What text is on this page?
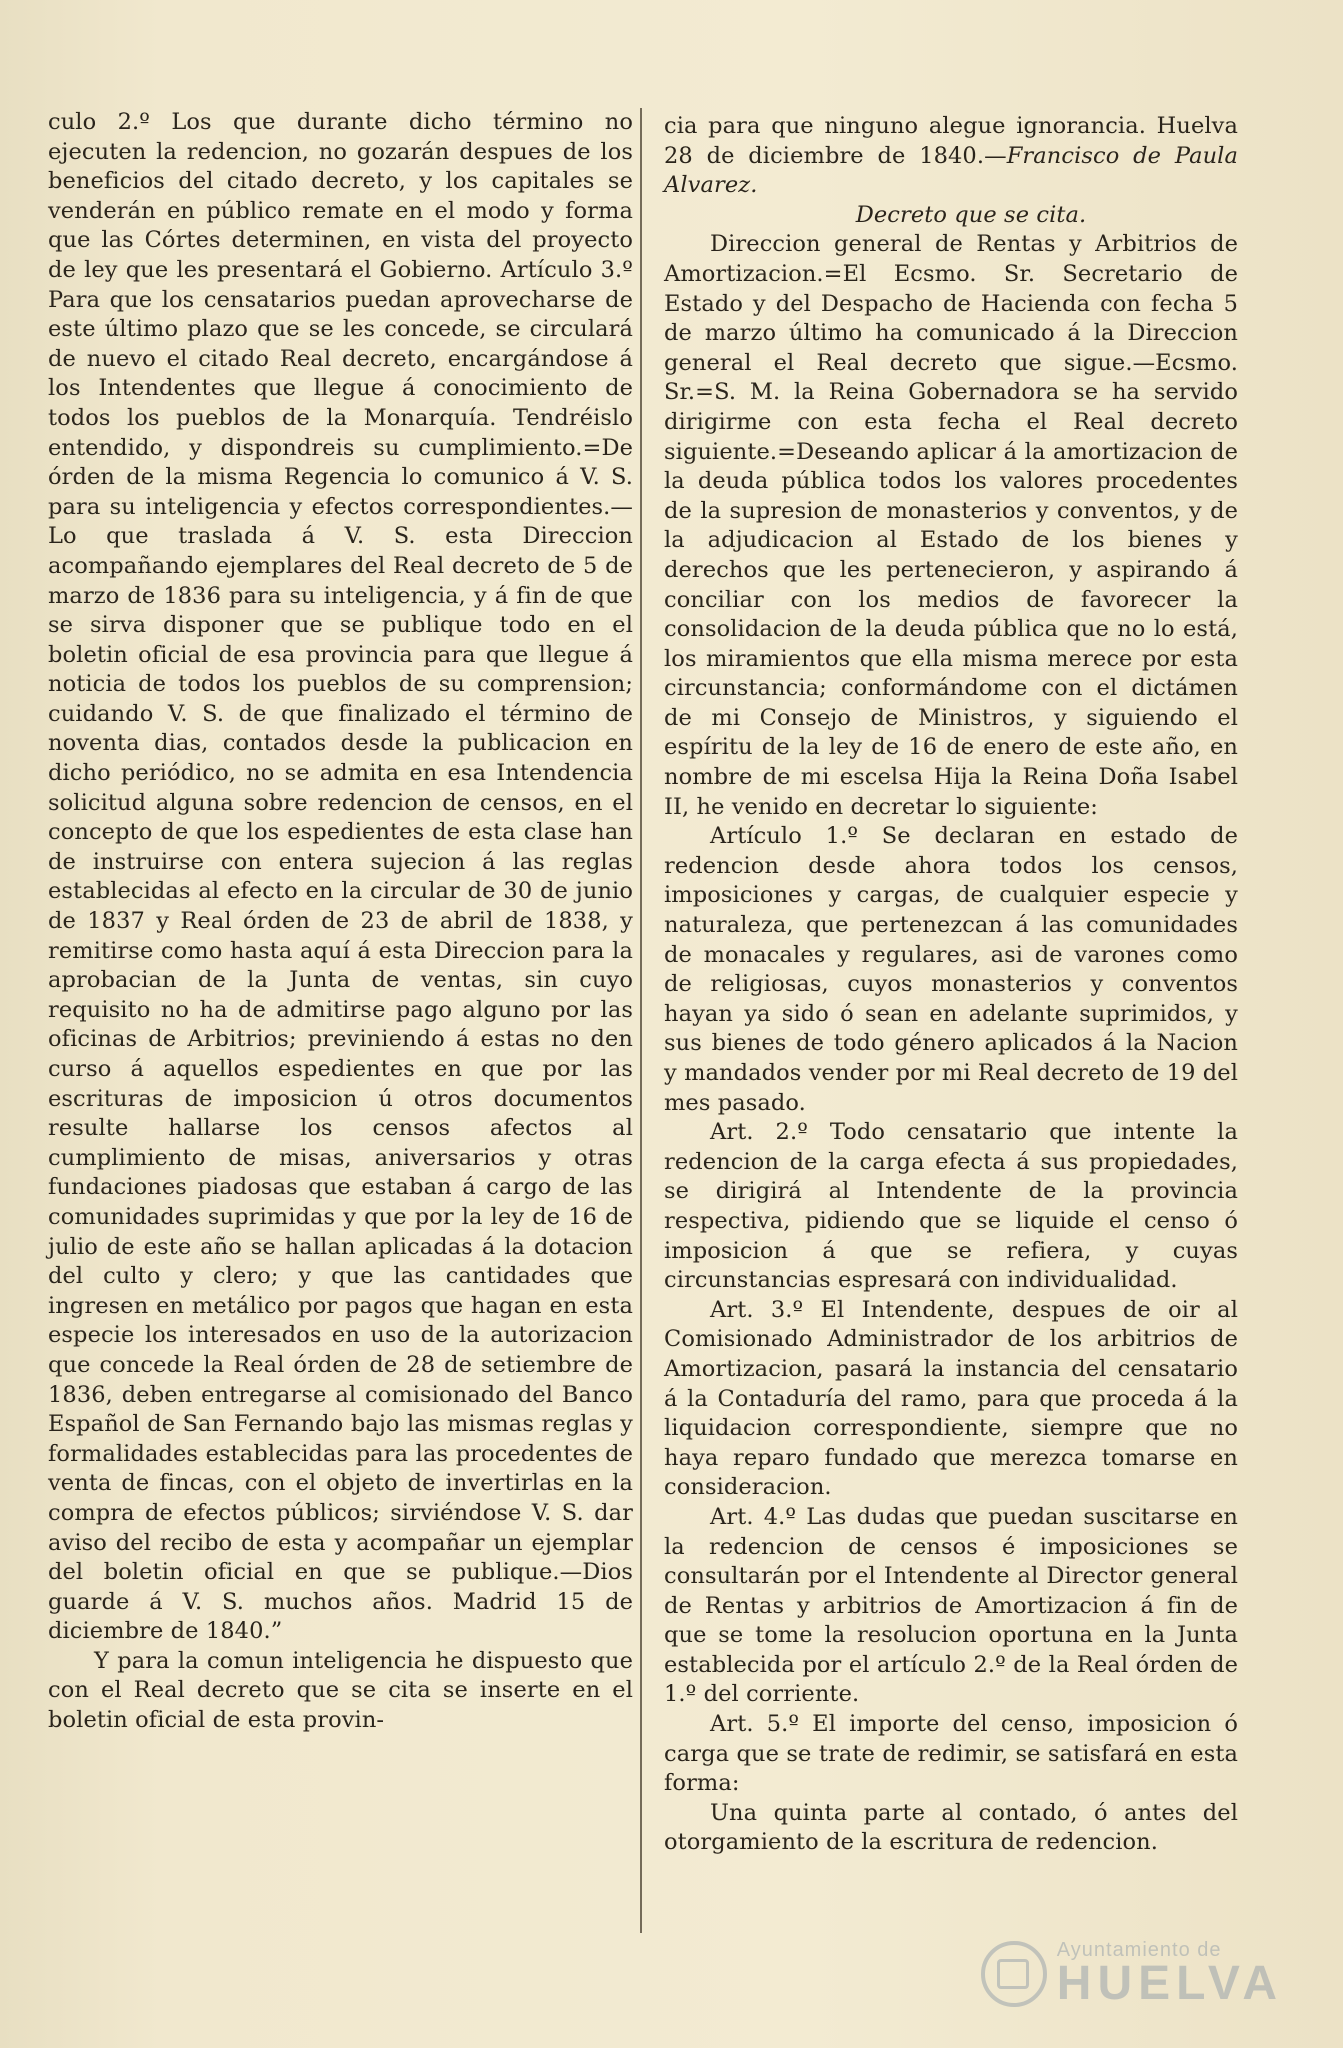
culo 2.º Los que durante dicho término no ejecuten la redencion, no gozarán despues de los beneficios del citado decreto, y los capitales se venderán en público remate en el modo y forma que las Córtes determinen, en vista del proyecto de ley que les presentará el Gobierno. Artículo 3.º Para que los censatarios puedan aprovecharse de este último plazo que se les concede, se circulará de nuevo el citado Real decreto, encargándose á los Intendentes que llegue á conocimiento de todos los pueblos de la Monarquía. Tendréislo entendido, y dispondreis su cumplimiento.=De órden de la misma Regencia lo comunico á V. S. para su inteligencia y efectos correspondientes.—Lo que traslada á V. S. esta Direccion acompañando ejemplares del Real decreto de 5 de marzo de 1836 para su inteligencia, y á fin de que se sirva disponer que se publique todo en el boletin oficial de esa provincia para que llegue á noticia de todos los pueblos de su comprension; cuidando V. S. de que finalizado el término de noventa dias, contados desde la publicacion en dicho periódico, no se admita en esa Intendencia solicitud alguna sobre redencion de censos, en el concepto de que los espedientes de esta clase han de instruirse con entera sujecion á las reglas establecidas al efecto en la circular de 30 de junio de 1837 y Real órden de 23 de abril de 1838, y remitirse como hasta aquí á esta Direccion para la aprobacian de la Junta de ventas, sin cuyo requisito no ha de admitirse pago alguno por las oficinas de Arbitrios; previniendo á estas no den curso á aquellos espedientes en que por las escrituras de imposicion ú otros documentos resulte hallarse los censos afectos al cumplimiento de misas, aniversarios y otras fundaciones piadosas que estaban á cargo de las comunidades suprimidas y que por la ley de 16 de julio de este año se hallan aplicadas á la dotacion del culto y clero; y que las cantidades que ingresen en metálico por pagos que hagan en esta especie los interesados en uso de la autorizacion que concede la Real órden de 28 de setiembre de 1836, deben entregarse al comisionado del Banco Español de San Fernando bajo las mismas reglas y formalidades establecidas para las procedentes de venta de fincas, con el objeto de invertirlas en la compra de efectos públicos; sirviéndose V. S. dar aviso del recibo de esta y acompañar un ejemplar del boletin oficial en que se publique.—Dios guarde á V. S. muchos años. Madrid 15 de diciembre de 1840.”

Y para la comun inteligencia he dispuesto que con el Real decreto que se cita se inserte en el boletin oficial de esta provin-

cia para que ninguno alegue ignorancia. Huelva 28 de diciembre de 1840.—Francisco de Paula Alvarez.

Decreto que se cita.

Direccion general de Rentas y Arbitrios de Amortizacion.=El Ecsmo. Sr. Secretario de Estado y del Despacho de Hacienda con fecha 5 de marzo último ha comunicado á la Direccion general el Real decreto que sigue.—Ecsmo. Sr.=S. M. la Reina Gobernadora se ha servido dirigirme con esta fecha el Real decreto siguiente.=Deseando aplicar á la amortizacion de la deuda pública todos los valores procedentes de la supresion de monasterios y conventos, y de la adjudicacion al Estado de los bienes y derechos que les pertenecieron, y aspirando á conciliar con los medios de favorecer la consolidacion de la deuda pública que no lo está, los miramientos que ella misma merece por esta circunstancia; conformándome con el dictámen de mi Consejo de Ministros, y siguiendo el espíritu de la ley de 16 de enero de este año, en nombre de mi escelsa Hija la Reina Doña Isabel II, he venido en decretar lo siguiente:

Artículo 1.º Se declaran en estado de redencion desde ahora todos los censos, imposiciones y cargas, de cualquier especie y naturaleza, que pertenezcan á las comunidades de monacales y regulares, asi de varones como de religiosas, cuyos monasterios y conventos hayan ya sido ó sean en adelante suprimidos, y sus bienes de todo género aplicados á la Nacion y mandados vender por mi Real decreto de 19 del mes pasado.

Art. 2.º Todo censatario que intente la redencion de la carga efecta á sus propiedades, se dirigirá al Intendente de la provincia respectiva, pidiendo que se liquide el censo ó imposicion á que se refiera, y cuyas circunstancias espresará con individualidad.

Art. 3.º El Intendente, despues de oir al Comisionado Administrador de los arbitrios de Amortizacion, pasará la instancia del censatario á la Contaduría del ramo, para que proceda á la liquidacion correspondiente, siempre que no haya reparo fundado que merezca tomarse en consideracion.

Art. 4.º Las dudas que puedan suscitarse en la redencion de censos é imposiciones se consultarán por el Intendente al Director general de Rentas y arbitrios de Amortizacion á fin de que se tome la resolucion oportuna en la Junta establecida por el artículo 2.º de la Real órden de 1.º del corriente.

Art. 5.º El importe del censo, imposicion ó carga que se trate de redimir, se satisfará en esta forma:

Una quinta parte al contado, ó antes del otorgamiento de la escritura de redencion.

Ayuntamiento de
HUELVA
